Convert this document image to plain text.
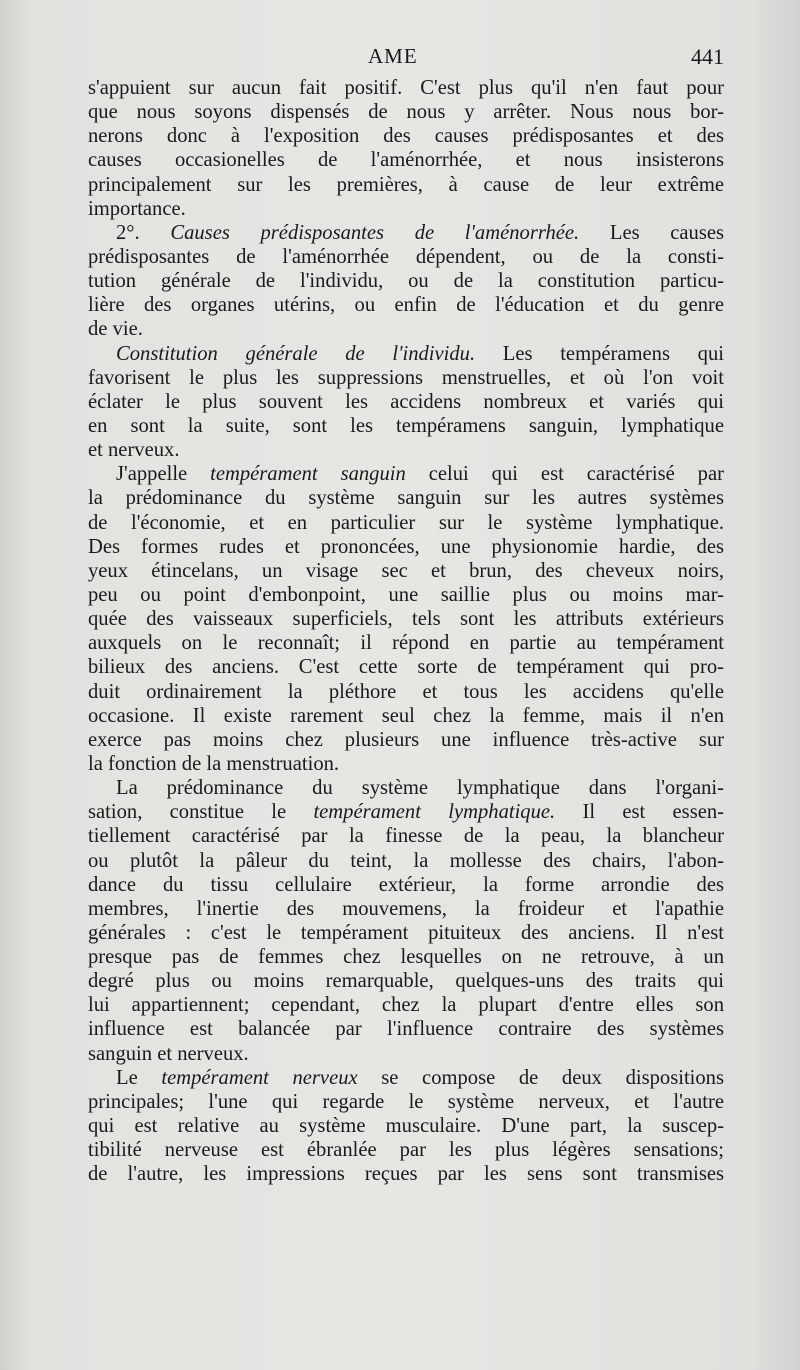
AME	441
s'appuient sur aucun fait positif. C'est plus qu'il n'en faut pour
que nous soyons dispensés de nous y arrêter. Nous nous bor-
nerons donc à l'exposition des causes prédisposantes et des
causes occasionelles de l'aménorrhée, et nous insisterons
principalement sur les premières, à cause de leur extrême
importance.
2°. Causes prédisposantes de l'aménorrhée. Les causes
prédisposantes de l'aménorrhée dépendent, ou de la consti-
tution générale de l'individu, ou de la constitution particu-
lière des organes utérins, ou enfin de l'éducation et du genre
de vie.
Constitution générale de l'individu. Les tempéramens qui
favorisent le plus les suppressions menstruelles, et où l'on voit
éclater le plus souvent les accidens nombreux et variés qui
en sont la suite, sont les tempéramens sanguin, lymphatique
et nerveux.
J'appelle tempérament sanguin celui qui est caractérisé par
la prédominance du système sanguin sur les autres systèmes
de l'économie, et en particulier sur le système lymphatique.
Des formes rudes et prononcées, une physionomie hardie, des
yeux étincelans, un visage sec et brun, des cheveux noirs,
peu ou point d'embonpoint, une saillie plus ou moins mar-
quée des vaisseaux superficiels, tels sont les attributs extérieurs
auxquels on le reconnaît; il répond en partie au tempérament
bilieux des anciens. C'est cette sorte de tempérament qui pro-
duit ordinairement la pléthore et tous les accidens qu'elle
occasione. Il existe rarement seul chez la femme, mais il n'en
exerce pas moins chez plusieurs une influence très-active sur
la fonction de la menstruation.
La prédominance du système lymphatique dans l'organi-
sation, constitue le tempérament lymphatique. Il est essen-
tiellement caractérisé par la finesse de la peau, la blancheur
ou plutôt la pâleur du teint, la mollesse des chairs, l'abon-
dance du tissu cellulaire extérieur, la forme arrondie des
membres, l'inertie des mouvemens, la froideur et l'apathie
générales : c'est le tempérament pituiteux des anciens. Il n'est
presque pas de femmes chez lesquelles on ne retrouve, à un
degré plus ou moins remarquable, quelques-uns des traits qui
lui appartiennent; cependant, chez la plupart d'entre elles son
influence est balancée par l'influence contraire des systèmes
sanguin et nerveux.
Le tempérament nerveux se compose de deux dispositions
principales; l'une qui regarde le système nerveux, et l'autre
qui est relative au système musculaire. D'une part, la suscep-
tibilité nerveuse est ébranlée par les plus légères sensations;
de l'autre, les impressions reçues par les sens sont transmises
